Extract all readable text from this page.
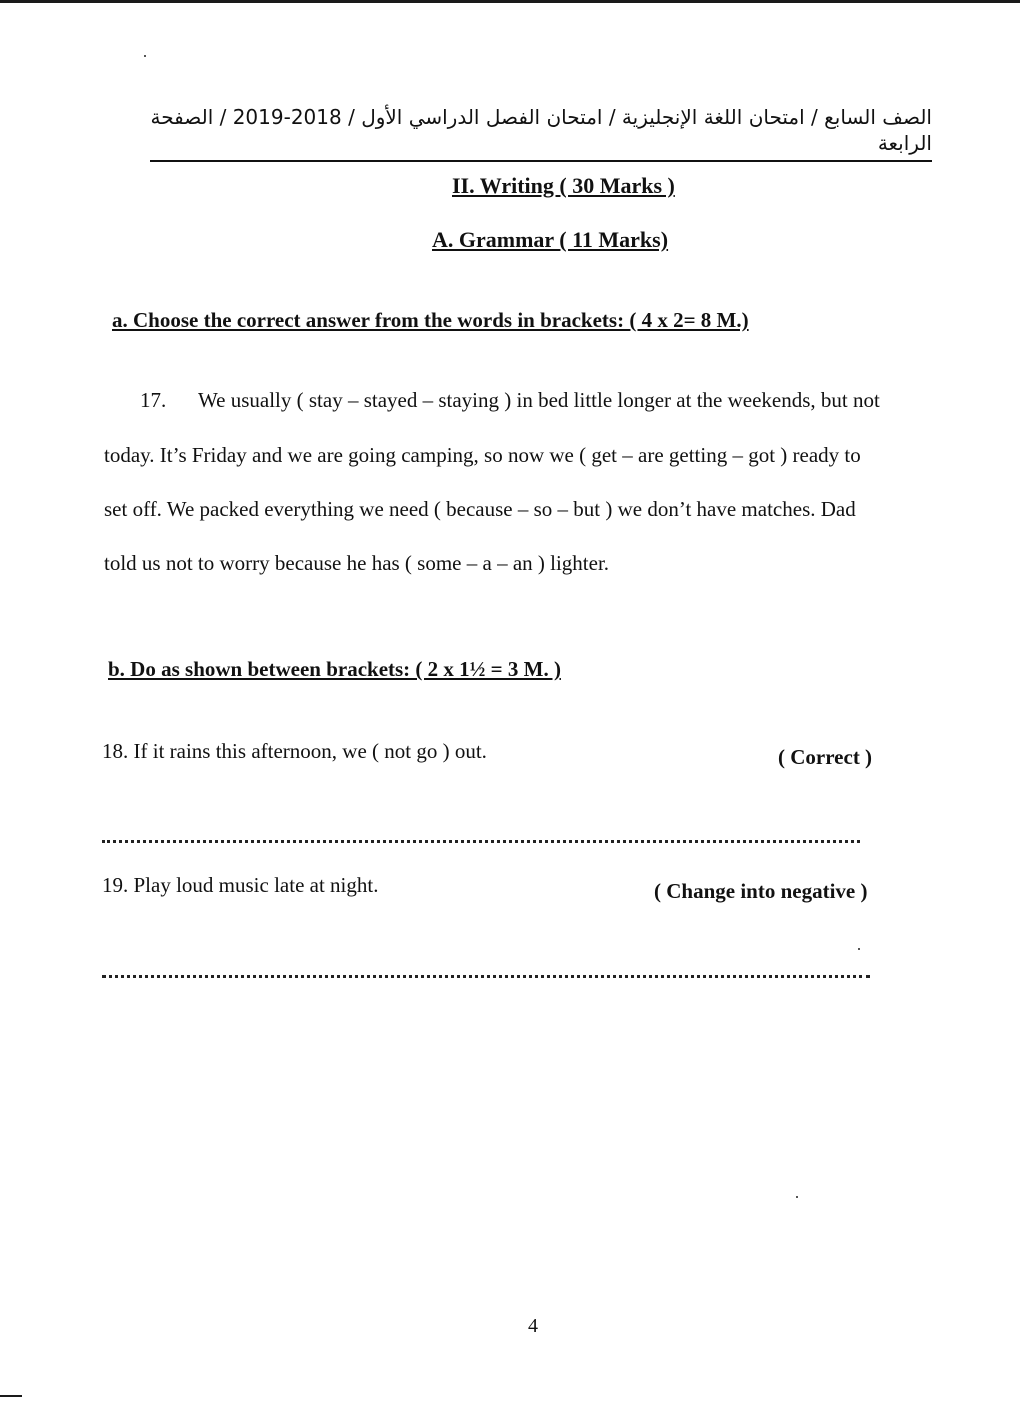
الصف السابع / امتحان اللغة الإنجليزية / امتحان الفصل الدراسي الأول / 2018-2019 / الصفحة الرابعة
II. Writing ( 30 Marks )
A. Grammar ( 11 Marks)
a. Choose the correct answer from the words in brackets: ( 4 x 2= 8 M.)
17. We usually ( stay – stayed – staying ) in bed little longer at the weekends, but not
today. It’s Friday and we are going camping, so now we ( get – are getting – got ) ready to
set off. We packed everything we need ( because – so – but ) we don’t have matches. Dad
told us not to worry because he has ( some – a – an ) lighter.
b. Do as shown between brackets: ( 2 x 1½ = 3 M. )
18. If it rains this afternoon, we ( not go ) out.	( Correct )
19. Play loud music late at night.	( Change into negative )
4
